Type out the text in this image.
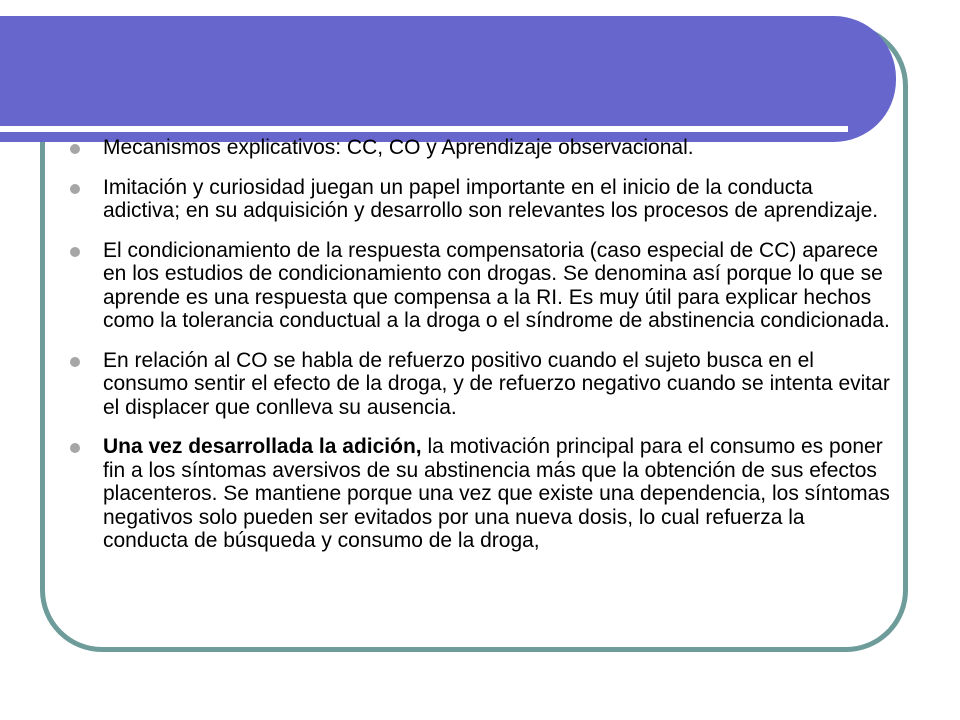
Mecanismos explicativos: CC, CO y Aprendizaje observacional.
Imitación y curiosidad juegan un papel importante en el inicio de la conducta adictiva; en su adquisición y desarrollo son relevantes los procesos de aprendizaje.
El condicionamiento de la respuesta compensatoria (caso especial de CC) aparece en los estudios de condicionamiento con drogas. Se denomina así porque lo que se aprende es una respuesta que compensa a la RI. Es muy útil para explicar hechos como la tolerancia conductual a la droga o el síndrome de abstinencia condicionada.
En relación al CO se habla de refuerzo positivo cuando el sujeto busca en el consumo sentir el efecto de la droga, y de refuerzo negativo cuando se intenta evitar el displacer que conlleva su ausencia.
Una vez desarrollada la adición, la motivación principal para el consumo es poner fin a los síntomas aversivos de su abstinencia más que la obtención de sus efectos placenteros. Se mantiene porque una vez que existe una dependencia, los síntomas negativos solo pueden ser evitados por una nueva dosis, lo cual refuerza la conducta de búsqueda y consumo de la droga,
